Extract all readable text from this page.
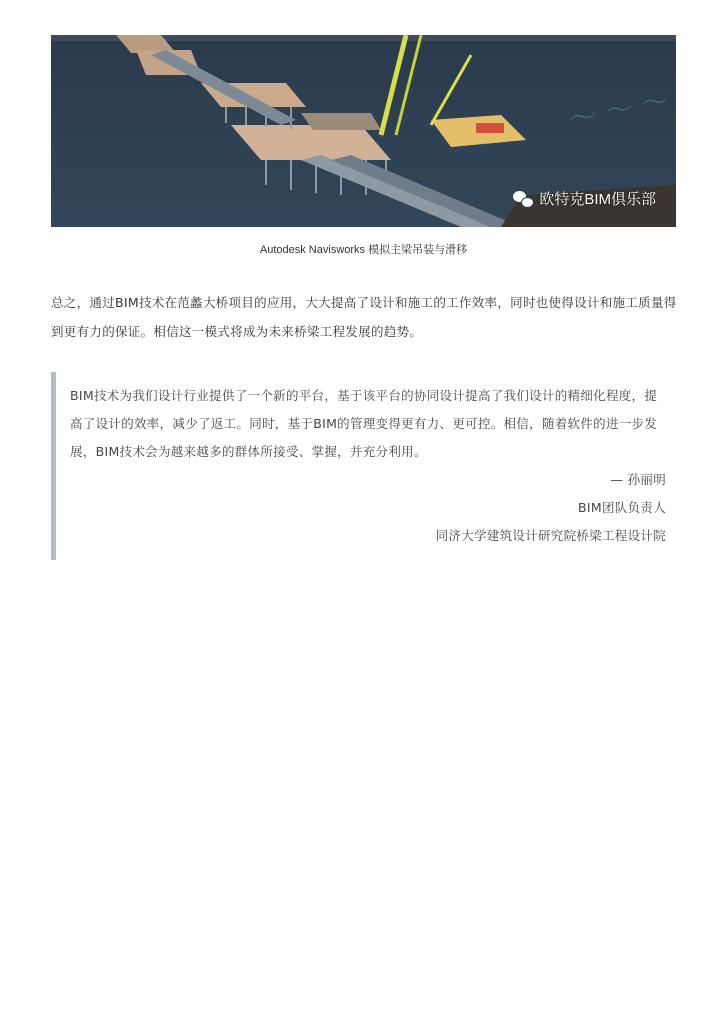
～ ～ ～
欧特克BIM俱乐部
Autodesk Navisworks 模拟主梁吊装与滑移

总之，通过BIM技术在范蠡大桥项目的应用，大大提高了设计和施工的工作效率，同时也使得设计和施工质量得到更有力的保证。相信这一模式将成为未来桥梁工程发展的趋势。

BIM技术为我们设计行业提供了一个新的平台，基于该平台的协同设计提高了我们设计的精细化程度，提高了设计的效率，减少了返工。同时，基于BIM的管理变得更有力、更可控。相信，随着软件的进一步发展，BIM技术会为越来越多的群体所接受、掌握，并充分利用。

— 孙丽明

BIM团队负责人

同济大学建筑设计研究院桥梁工程设计院
